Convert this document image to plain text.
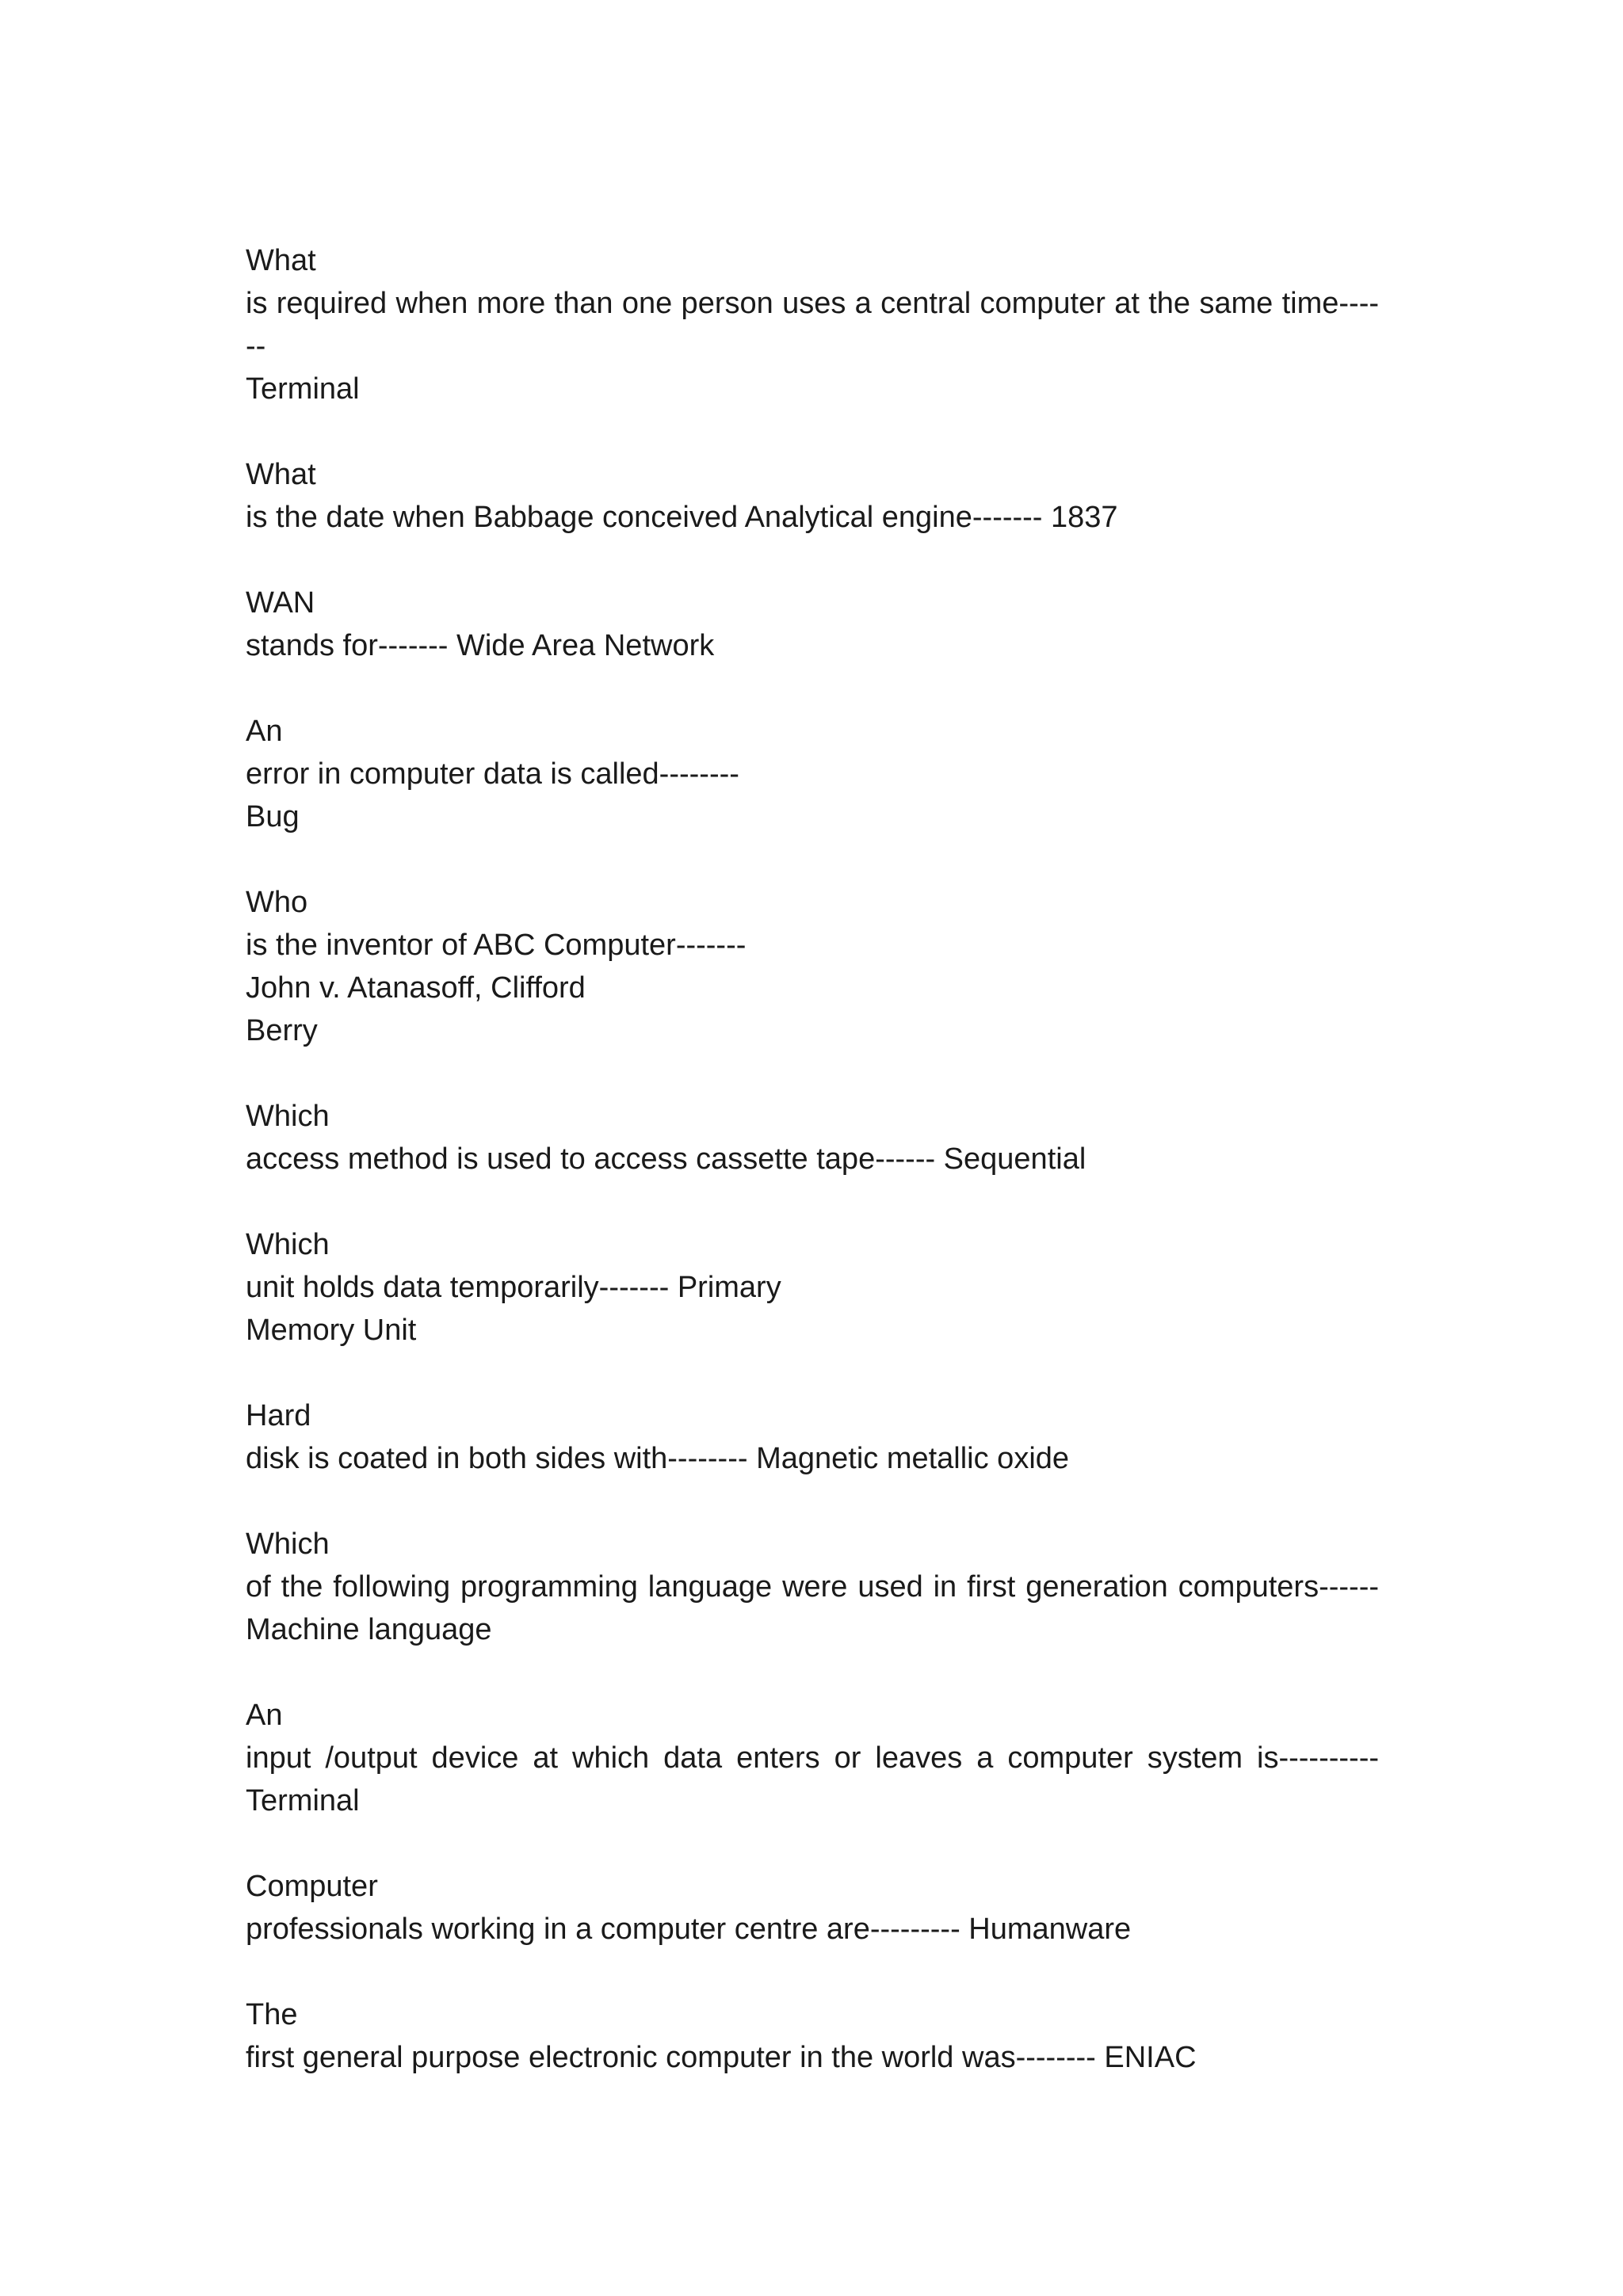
What
is required when more than one person uses a central computer at the same time------
Terminal
What
is the date when Babbage conceived Analytical engine------- 1837
WAN
stands for------- Wide Area Network
An
error in computer data is called--------
Bug
Who
is the inventor of ABC Computer-------
John v. Atanasoff, Clifford
Berry
Which
access method is used to access cassette tape------ Sequential
Which
unit holds data temporarily------- Primary
Memory Unit
Hard
disk is coated in both sides with-------- Magnetic metallic oxide
Which
of the following programming language were used in first generation computers------
Machine language
An
input /output device at which data enters or leaves a computer system is----------
Terminal
Computer
professionals working in a computer centre are--------- Humanware
The
first general purpose electronic computer in the world was-------- ENIAC
